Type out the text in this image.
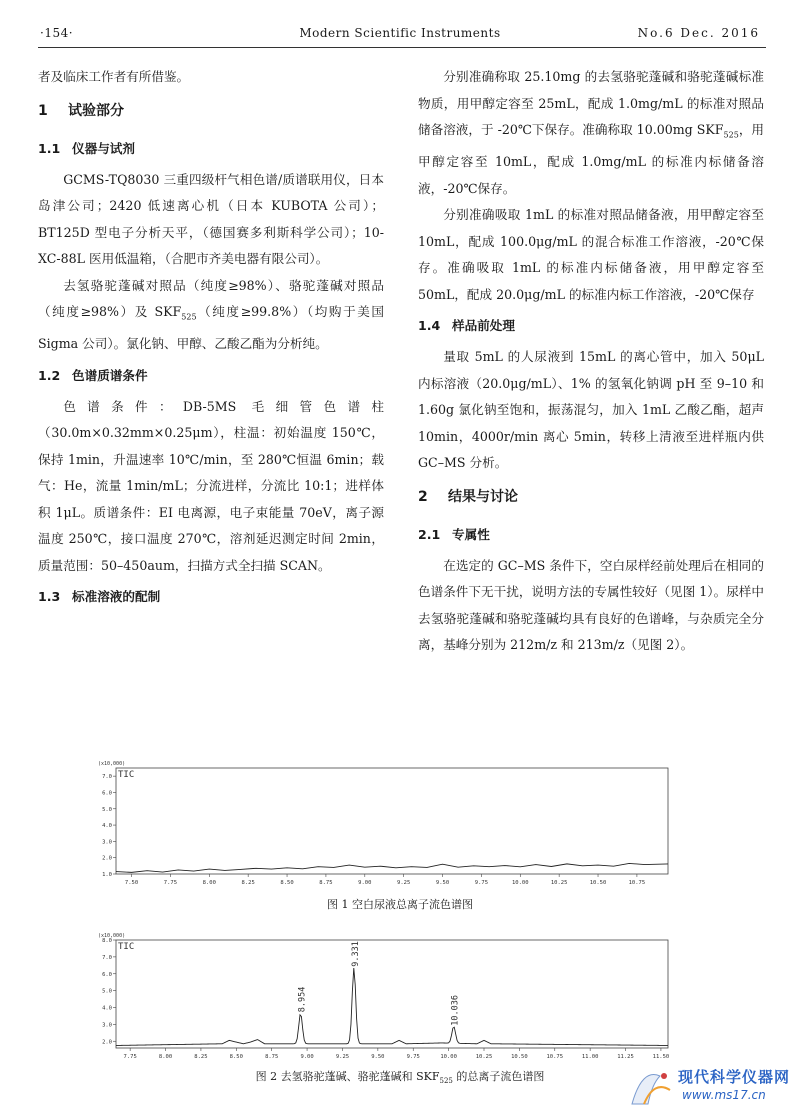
·154·	Modern Scientific Instruments	No.6 Dec. 2016

者及临床工作者有所借鉴。

1 试验部分
1.1 仪器与试剂

GCMS-TQ8030 三重四级杆气相色谱/质谱联用仪，日本岛津公司；2420 低速离心机（日本 KUBOTA 公司）；BT125D 型电子分析天平，（德国赛多利斯科学公司）；10-XC-88L 医用低温箱，（合肥市齐美电器有限公司）。

去氢骆驼蓬碱对照品（纯度≥98%）、骆驼蓬碱对照品（纯度≥98%）及 $SKF_{525}$（纯度≥99.8%）（均购于美国 Sigma 公司）。氯化钠、甲醇、乙酸乙酯为分析纯。

1.2 色谱质谱条件

色谱条件：DB-5MS 毛细管色谱柱（30.0m×0.32mm×0.25μm），柱温：初始温度 150℃，保持 1min，升温速率 10℃/min，至 280℃恒温 6min；载气：He，流量 1min/mL；分流进样，分流比 10:1；进样体积 1μL。质谱条件：EI 电离源，电子束能量 70eV，离子源温度 250℃，接口温度 270℃，溶剂延迟测定时间 2min，质量范围：50–450aum，扫描方式全扫描 SCAN。

1.3 标准溶液的配制

分别准确称取 25.10mg 的去氢骆驼蓬碱和骆驼蓬碱标准物质，用甲醇定容至 25mL，配成 1.0mg/mL 的标准对照品储备溶液，于 -20℃下保存。准确称取 10.00mg $SKF_{525}$，用甲醇定容至 10mL，配成 1.0mg/mL 的标准内标储备溶液，-20℃保存。

分别准确吸取 1mL 的标准对照品储备液，用甲醇定容至 10mL，配成 100.0μg/mL 的混合标准工作溶液，-20℃保存。准确吸取 1mL 的标准内标储备液，用甲醇定容至 50mL，配成 20.0μg/mL 的标准内标工作溶液，-20℃保存

1.4 样品前处理

量取 5mL 的人尿液到 15mL 的离心管中，加入 50μL 内标溶液（20.0μg/mL）、1% 的氢氧化钠调 pH 至 9–10 和 1.60g 氯化钠至饱和，振荡混匀，加入 1mL 乙酸乙酯，超声 10min，4000r/min 离心 5min，转移上清液至进样瓶内供 GC–MS 分析。

2 结果与讨论
2.1 专属性

在选定的 GC–MS 条件下，空白尿样经前处理后在相同的色谱条件下无干扰，说明方法的专属性较好（见图 1）。尿样中去氢骆驼蓬碱和骆驼蓬碱均具有良好的色谱峰，与杂质完全分离，基峰分别为 212m/z 和 213m/z（见图 2）。

(x10,000)
TIC
1.0
2.0
3.0
4.0
5.0
6.0
7.0
7.50	7.75	8.00	8.25	8.50	8.75	9.00	9.25	9.50	9.75	10.00	10.25	10.50	10.75
图 1 空白尿液总离子流色谱图
(x10,000)
TIC
2.0
3.0
4.0
5.0
6.0
7.0
8.0
7.75	8.00	8.25	8.50	8.75	9.00	9.25	9.50	9.75	10.00	10.25	10.50	10.75	11.00	11.25	11.50
8.954
9.331
10.036
图 2 去氢骆驼蓬碱、骆驼蓬碱和 $SKF_{525}$ 的总离子流色谱图	现代科学仪器网
www.ms17.cn
